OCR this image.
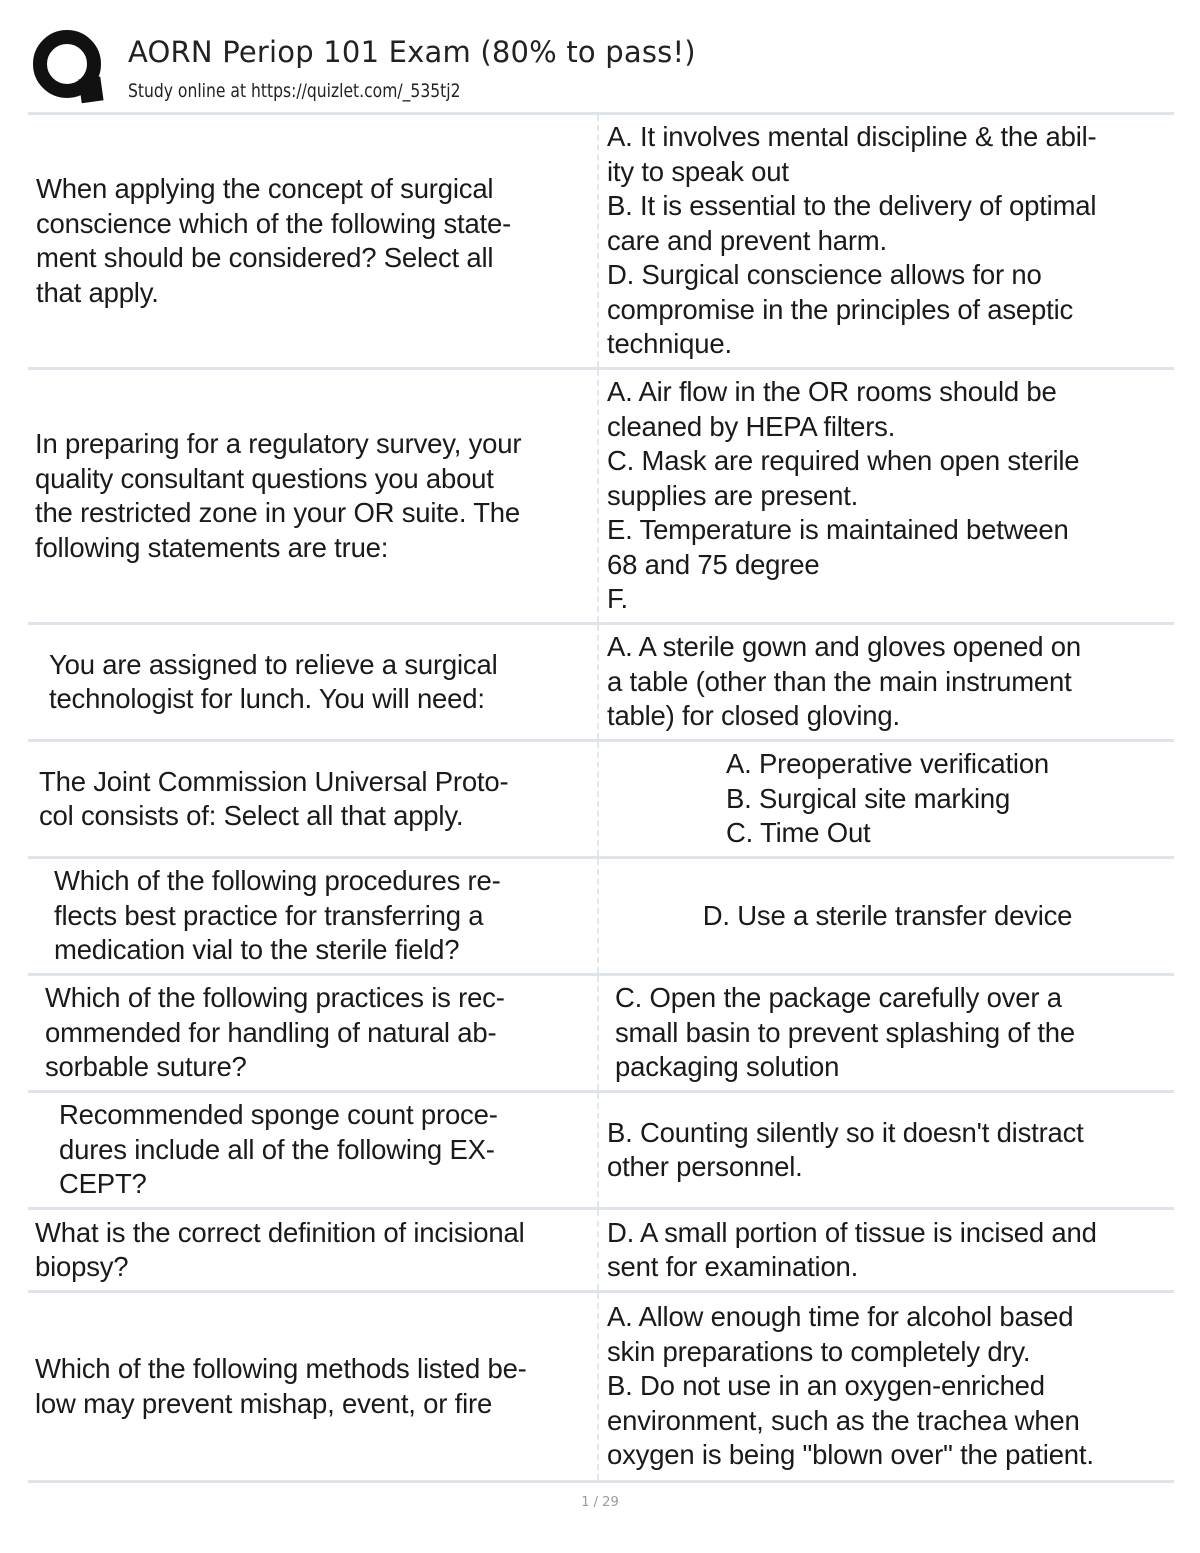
AORN Periop 101 Exam (80% to pass!)
Study online at https://quizlet.com/_535tj2
When applying the concept of surgical
conscience which of the following state-
ment should be considered? Select all
that apply.
A. It involves mental discipline & the abil-
ity to speak out
B. It is essential to the delivery of optimal
care and prevent harm.
D. Surgical conscience allows for no
compromise in the principles of aseptic
technique.
In preparing for a regulatory survey, your
quality consultant questions you about
the restricted zone in your OR suite. The
following statements are true:
A. Air flow in the OR rooms should be
cleaned by HEPA filters.
C. Mask are required when open sterile
supplies are present.
E. Temperature is maintained between
68 and 75 degree
F.
You are assigned to relieve a surgical
technologist for lunch. You will need:
A. A sterile gown and gloves opened on
a table (other than the main instrument
table) for closed gloving.
The Joint Commission Universal Proto-
col consists of: Select all that apply.
A. Preoperative verification
B. Surgical site marking
C. Time Out
Which of the following procedures re-
flects best practice for transferring a
medication vial to the sterile field?
D. Use a sterile transfer device
Which of the following practices is rec-
ommended for handling of natural ab-
sorbable suture?
C. Open the package carefully over a
small basin to prevent splashing of the
packaging solution
Recommended sponge count proce-
dures include all of the following EX-
CEPT?
B. Counting silently so it doesn't distract
other personnel.
What is the correct definition of incisional
biopsy?
D. A small portion of tissue is incised and
sent for examination.
Which of the following methods listed be-
low may prevent mishap, event, or fire
A. Allow enough time for alcohol based
skin preparations to completely dry.
B. Do not use in an oxygen-enriched
environment, such as the trachea when
oxygen is being "blown over" the patient.
1 / 29
